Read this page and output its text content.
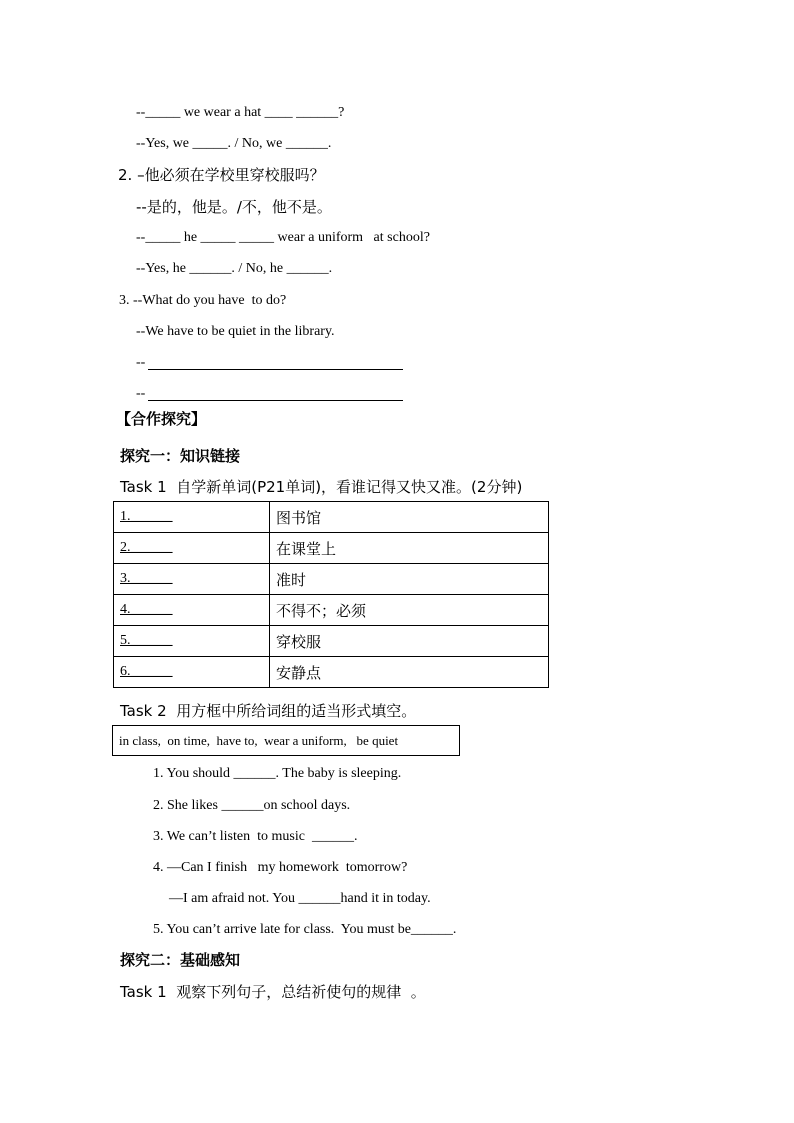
--_____ we wear a hat ____ ______?
--Yes, we _____. / No, we ______.
2. –他必须在学校里穿校服吗？
--是的，他是。/不，他不是。
--_____ he _____ _____ wear a uniform   at school?
--Yes, he ______. / No, he ______.
3. --What do you have  to do?
--We have to be quiet in the library.
--
--
【合作探究】
探究一：知识链接
Task 1  自学新单词(P21单词)，看谁记得又快又准。(2分钟)
1.______	图书馆
2.______	在课堂上
3.______	准时
4.______	不得不；必须
5.______	穿校服
6.______	安静点
Task 2  用方框中所给词组的适当形式填空。
in class,  on time,  have to,  wear a uniform,   be quiet
1. You should ______. The baby is sleeping.
2. She likes ______on school days.
3. We can’t listen  to music  ______.
4. —Can I finish   my homework  tomorrow?
—I am afraid not. You ______hand it in today.
5. You can’t arrive late for class.  You must be______.
探究二：基础感知
Task 1  观察下列句子，总结祈使句的规律  。
